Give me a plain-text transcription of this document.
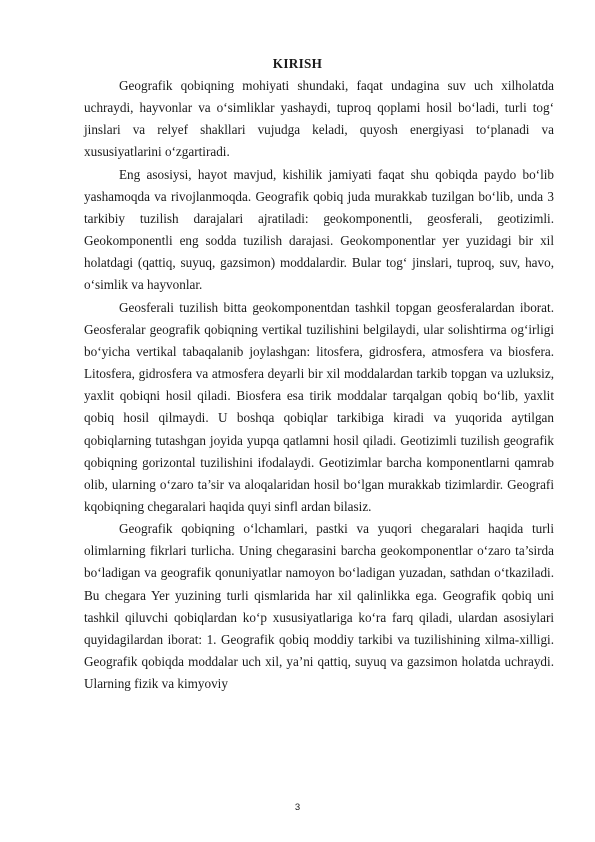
KIRISH

Geografik qobiqning mohiyati shundaki, faqat undagina suv uch xilholatda uchraydi, hayvonlar va o‘simliklar yashaydi, tuproq qoplami hosil bo‘ladi, turli tog‘ jinslari va relyef shakllari vujudga keladi, quyosh energiyasi to‘planadi va xususiyatlarini o‘zgartiradi.

Eng asosiysi, hayot mavjud, kishilik jamiyati faqat shu qobiqda paydo bo‘lib yashamoqda va rivojlanmoqda. Geografik qobiq juda murakkab tuzilgan bo‘lib, unda 3 tarkibiy tuzilish darajalari ajratiladi: geokomponentli, geosferali, geotizimli. Geokomponentli eng sodda tuzilish darajasi. Geokomponentlar yer yuzidagi bir xil holatdagi (qattiq, suyuq, gazsimon) moddalardir. Bular tog‘ jinslari, tuproq, suv, havo, o‘simlik va hayvonlar.

Geosferali tuzilish bitta geokomponentdan tashkil topgan geosferalardan iborat. Geosferalar geografik qobiqning vertikal tuzilishini belgilaydi, ular solishtirma og‘irligi bo‘yicha vertikal tabaqalanib joylashgan: litosfera, gidrosfera, atmosfera va biosfera. Litosfera, gidrosfera va atmosfera deyarli bir xil moddalardan tarkib topgan va uzluksiz, yaxlit qobiqni hosil qiladi. Biosfera esa tirik moddalar tarqalgan qobiq bo‘lib, yaxlit qobiq hosil qilmaydi. U boshqa qobiqlar tarkibiga kiradi va yuqorida aytilgan qobiqlarning tutashgan joyida yupqa qatlamni hosil qiladi. Geotizimli tuzilish geografik qobiqning gorizontal tuzilishini ifodalaydi. Geotizimlar barcha komponentlarni qamrab olib, ularning o‘zaro ta’sir va aloqalaridan hosil bo‘lgan murakkab tizimlardir. Geografi kqobiqning chegaralari haqida quyi sinfl ardan bilasiz.

Geografik qobiqning o‘lchamlari, pastki va yuqori chegaralari haqida turli olimlarning fikrlari turlicha. Uning chegarasini barcha geokomponentlar o‘zaro ta’sirda bo‘ladigan va geografik qonuniyatlar namoyon bo‘ladigan yuzadan, sathdan o‘tkaziladi. Bu chegara Yer yuzining turli qismlarida har xil qalinlikka ega. Geografik qobiq uni tashkil qiluvchi qobiqlardan ko‘p xususiyatlariga ko‘ra farq qiladi, ulardan asosiylari quyidagilardan iborat: 1. Geografik qobiq moddiy tarkibi va tuzilishining xilma-xilligi. Geografik qobiqda moddalar uch xil, ya’ni qattiq, suyuq va gazsimon holatda uchraydi. Ularning fizik va kimyoviy

3
